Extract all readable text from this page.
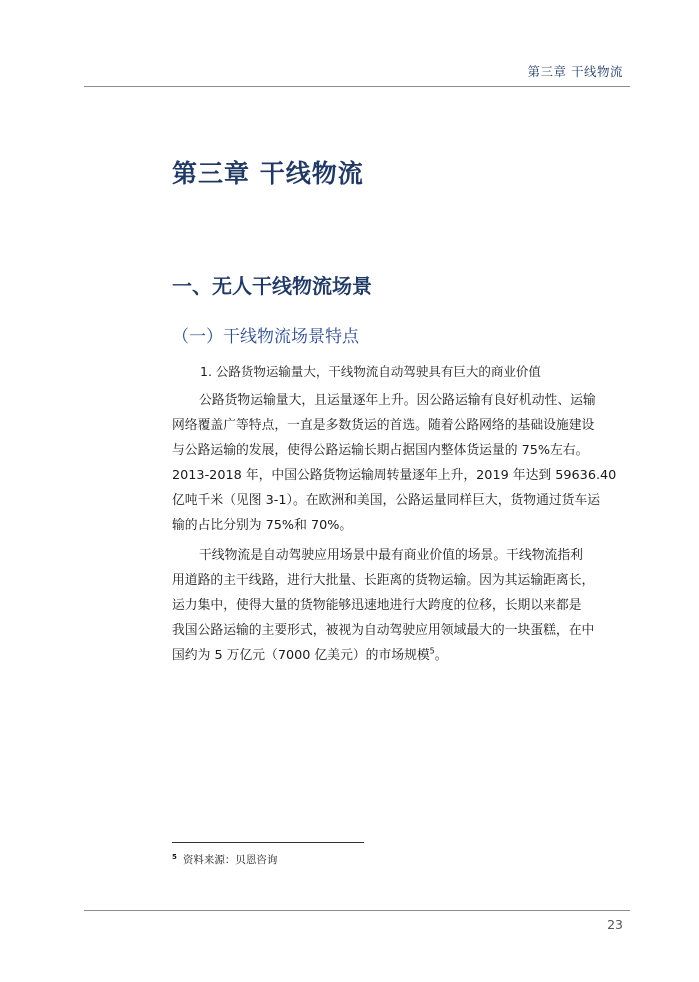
第三章 干线物流
第三章 干线物流
一、无人干线物流场景
（一）干线物流场景特点
1. 公路货物运输量大，干线物流自动驾驶具有巨大的商业价值
公路货物运输量大，且运量逐年上升。因公路运输有良好机动性、运输
网络覆盖广等特点，一直是多数货运的首选。随着公路网络的基础设施建设
与公路运输的发展，使得公路运输长期占据国内整体货运量的 75%左右。
2013-2018 年，中国公路货物运输周转量逐年上升，2019 年达到 59636.40
亿吨千米（见图 3-1）。在欧洲和美国，公路运量同样巨大，货物通过货车运
输的占比分别为 75%和 70%。
干线物流是自动驾驶应用场景中最有商业价值的场景。干线物流指利
用道路的主干线路，进行大批量、长距离的货物运输。因为其运输距离长，
运力集中，使得大量的货物能够迅速地进行大跨度的位移，长期以来都是
我国公路运输的主要形式，被视为自动驾驶应用领域最大的一块蛋糕，在中
国约为 5 万亿元（7000 亿美元）的市场规模$^5$。
$^5$ 资料来源：贝恩咨询
23
